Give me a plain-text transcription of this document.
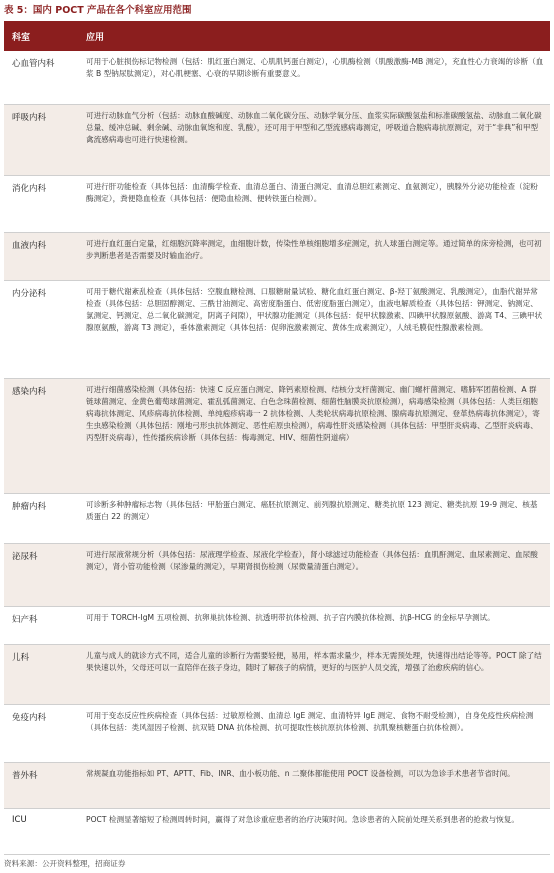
表 5：国内 POCT 产品在各个科室应用范围
科室	应用
心血管内科	可用于心脏损伤标记物检测（包括：肌红蛋白测定、心肌肌钙蛋白测定），心肌酶检测（肌酸激酶-MB 测定），充血性心力衰竭的诊断（血浆 B 型钠尿肽测定），对心肌梗塞、心衰的早期诊断有重要意义。
呼吸内科	可进行动脉血气分析（包括：动脉血酸碱度、动脉血二氧化碳分压、动脉学氧分压、血浆实际碳酸氢盐和标准碳酸氢盐、动脉血二氧化碳总量、缓冲总碱、剩余碱、动脉血氧饱和度、乳酸），还可用于甲型和乙型流感病毒测定，呼吸道合胞病毒抗原测定，对于“非典”和甲型禽流感病毒也可进行快速检测。
消化内科	可进行肝功能检查（具体包括：血清酶学检查、血清总蛋白、清蛋白测定、血清总胆红素测定、血氨测定），胰腺外分泌功能检查（淀粉酶测定），粪便隐血检查（具体包括：便隐血检测、便转铁蛋白检测）。
血液内科	可进行血红蛋白定量，红细胞沉降率测定，血细胞计数，传染性单核细胞增多症测定，抗人球蛋白测定等。通过简单的床旁检测，也可初步判断患者是否需要及时输血治疗。
内分泌科	可用于糖代谢紊乱检查（具体包括：空腹血糖检测、口服糖耐量试验、糖化血红蛋白测定、β-羟丁氨酸测定、乳酸测定），血脂代谢异常检查（具体包括：总胆固醇测定、三酰甘油测定、高密度脂蛋白、低密度脂蛋白测定），血液电解质检查（具体包括：钾测定、钠测定、氯测定、钙测定、总二氧化碳测定，阴离子间隙），甲状腺功能测定（具体包括：促甲状腺激素、四碘甲状腺原氨酸、游离 T4、三碘甲状腺原氨酸，游离 T3 测定），垂体激素测定（具体包括：促卵泡激素测定、黄体生成素测定），人绒毛膜促性腺激素检测。
感染内科	可进行细菌感染检测（具体包括：快速 C 反应蛋白测定、降钙素原检测、结核分支杆菌测定、幽门螺杆菌测定、嗜肺军团菌检测、A 群链球菌测定、金黄色葡萄球菌测定、霍乱弧菌测定、白色念珠菌检测、细菌性脑膜炎抗原检测），病毒感染检测（具体包括：人类巨细胞病毒抗体测定、风疹病毒抗体检测、单纯疱疹病毒一 2 抗体检测、人类轮状病毒抗原检测、腺病毒抗原测定、登革热病毒抗体测定），寄生虫感染检测（具体包括：刚地弓形虫抗体测定、恶性疟原虫检测），病毒性肝炎感染检测（具体包括：甲型肝炎病毒、乙型肝炎病毒、丙型肝炎病毒），性传播疾病诊断（具体包括：梅毒测定、HIV、细菌性阴道病）
肿瘤内科	可诊断多种肿瘤标志物（具体包括：甲胎蛋白测定、癌胚抗原测定、前列腺抗原测定、糖类抗原 123 测定、糖类抗原 19-9 测定、核基质蛋白 22 的测定）
泌尿科	可进行尿液常规分析（具体包括：尿液理学检查、尿液化学检查），肾小球滤过功能检查（具体包括：血肌酐测定、血尿素测定、血尿酸测定），肾小管功能检测（尿渗量的测定），早期肾损伤检测（尿微量清蛋白测定）。
妇产科	可用于 TORCH-IgM 五项检测、抗卵巢抗体检测、抗透明带抗体检测、抗子宫内膜抗体检测、抗β-HCG 的金标早孕测试。
儿科	儿童与成人的就诊方式不同，适合儿童的诊断行为需要轻便，易用，样本需求量少，样本无需预处理，快速得出结论等等。POCT 除了结果快速以外，父母还可以一直陪伴在孩子身边，随时了解孩子的病情，更好的与医护人员交流，增强了治愈疾病的信心。
免疫内科	可用于变态反应性疾病检查（具体包括：过敏原检测、血清总 IgE 测定、血清特异 IgE 测定、食物不耐受检测），自身免疫性疾病检测（具体包括：类风湿因子检测、抗双链 DNA 抗体检测、抗可提取性核抗原抗体检测、抗肌聚核糖蛋白抗体检测）。
普外科	常规凝血功能指标如 PT、APTT、Fib、INR、血小板功能、n 二聚体都能使用 POCT 设备检测，可以为急诊手术患者节省时间。
ICU	POCT 检测显著缩短了检测周转时间，赢得了对急诊重症患者的治疗决策时间。急诊患者的入院前处理关系到患者的抢救与恢复。
资料来源：公开资料整理，招商证券
